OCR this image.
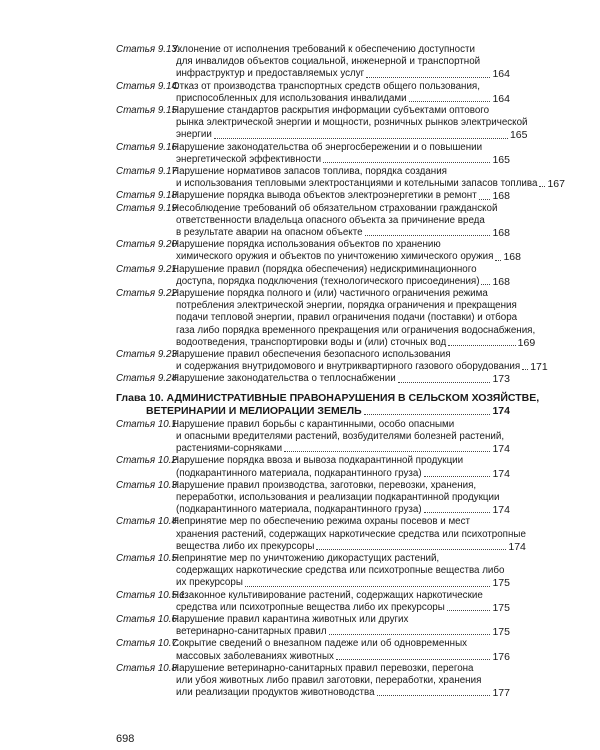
Статья 9.13.
Уклонение от исполнения требований к обеспечению доступности
для инвалидов объектов социальной, инженерной и транспортной
инфраструктур и предоставляемых услуг	164
Статья 9.14.
Отказ от производства транспортных средств общего пользования,
приспособленных для использования инвалидами	164
Статья 9.15.
Нарушение стандартов раскрытия информации субъектами оптового
рынка электрической энергии и мощности, розничных рынков электрической
энергии	165
Статья 9.16.
Нарушение законодательства об энергосбережении и о повышении
энергетической эффективности	165
Статья 9.17.
Нарушение нормативов запасов топлива, порядка создания
и использования тепловыми электростанциями и котельными запасов топлива 167
Статья 9.18.
Нарушение порядка вывода объектов электроэнергетики в ремонт 168
Статья 9.19.
Несоблюдение требований об обязательном страховании гражданской
ответственности владельца опасного объекта за причинение вреда
в результате аварии на опасном объекте	168
Статья 9.20.
Нарушение порядка использования объектов по хранению
химического оружия и объектов по уничтожению химического оружия 168
Статья 9.21.
Нарушение правил (порядка обеспечения) недискриминационного
доступа, порядка подключения (технологического присоединения) 168
Статья 9.22.
Нарушение порядка полного и (или) частичного ограничения режима
потребления электрической энергии, порядка ограничения и прекращения
подачи тепловой энергии, правил ограничения подачи (поставки) и отбора
газа либо порядка временного прекращения или ограничения водоснабжения,
водоотведения, транспортировки воды и (или) сточных вод	169
Статья 9.23.
Нарушение правил обеспечения безопасного использования
и содержания внутридомового и внутриквартирного газового оборудования 171
Статья 9.24.
Нарушение законодательства о теплоснабжении	173
Глава 10. АДМИНИСТРАТИВНЫЕ ПРАВОНАРУШЕНИЯ В СЕЛЬСКОМ ХОЗЯЙСТВЕ,
ВЕТЕРИНАРИИ И МЕЛИОРАЦИИ ЗЕМЕЛЬ	174
Статья 10.1.
Нарушение правил борьбы с карантинными, особо опасными
и опасными вредителями растений, возбудителями болезней растений,
растениями-сорняками	174
Статья 10.2.
Нарушение порядка ввоза и вывоза подкарантинной продукции
(подкарантинного материала, подкарантинного груза)	174
Статья 10.3.
Нарушение правил производства, заготовки, перевозки, хранения,
переработки, использования и реализации подкарантинной продукции
(подкарантинного материала, подкарантинного груза)	174
Статья 10.4.
Непринятие мер по обеспечению режима охраны посевов и мест
хранения растений, содержащих наркотические средства или психотропные
вещества либо их прекурсоры	174
Статья 10.5.
Непринятие мер по уничтожению дикорастущих растений,
содержащих наркотические средства или психотропные вещества либо
их прекурсоры	175
Статья 10.5.1.
Незаконное культивирование растений, содержащих наркотические
средства или психотропные вещества либо их прекурсоры	175
Статья 10.6.
Нарушение правил карантина животных или других
ветеринарно-санитарных правил	175
Статья 10.7.
Сокрытие сведений о внезапном падеже или об одновременных
массовых заболеваниях животных	176
Статья 10.8.
Нарушение ветеринарно-санитарных правил перевозки, перегона
или убоя животных либо правил заготовки, переработки, хранения
или реализации продуктов животноводства	177
698
